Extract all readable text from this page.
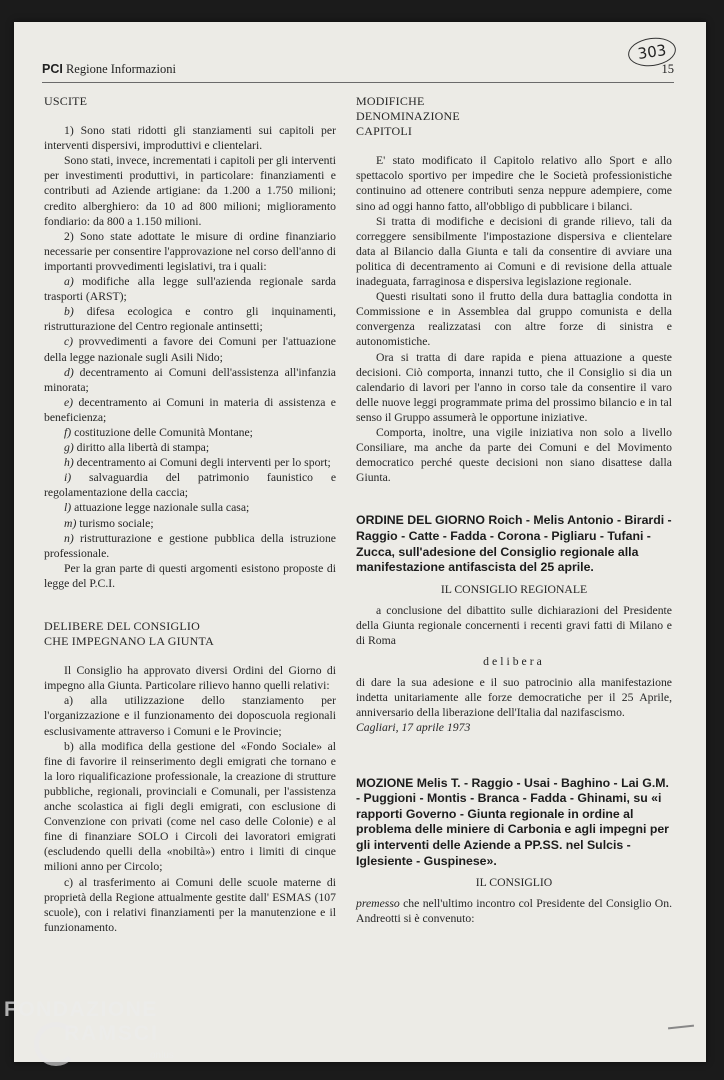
303
PCI Regione Informazioni	15

USCITE

1) Sono stati ridotti gli stanziamenti sui capitoli per interventi dispersivi, improduttivi e clientelari.

Sono stati, invece, incrementati i capitoli per gli interventi per investimenti produttivi, in particolare: finanziamenti e contributi ad Aziende artigiane: da 1.200 a 1.750 milioni; credito alberghiero: da 10 ad 800 milioni; miglioramento fondiario: da 800 a 1.150 milioni.

2) Sono state adottate le misure di ordine finanziario necessarie per consentire l'approvazione nel corso dell'anno di importanti provvedimenti legislativi, tra i quali:

a) modifiche alla legge sull'azienda regionale sarda trasporti (ARST);

b) difesa ecologica e contro gli inquinamenti, ristrutturazione del Centro regionale antinsetti;

c) provvedimenti a favore dei Comuni per l'attuazione della legge nazionale sugli Asili Nido;

d) decentramento ai Comuni dell'assistenza all'infanzia minorata;

e) decentramento ai Comuni in materia di assistenza e beneficienza;

f) costituzione delle Comunità Montane;

g) diritto alla libertà di stampa;

h) decentramento ai Comuni degli interventi per lo sport;

i) salvaguardia del patrimonio faunistico e regolamentazione della caccia;

l) attuazione legge nazionale sulla casa;

m) turismo sociale;

n) ristrutturazione e gestione pubblica della istruzione professionale.

Per la gran parte di questi argomenti esistono proposte di legge del P.C.I.

DELIBERE DEL CONSIGLIO
CHE IMPEGNANO LA GIUNTA

Il Consiglio ha approvato diversi Ordini del Giorno di impegno alla Giunta. Particolare rilievo hanno quelli relativi:

a) alla utilizzazione dello stanziamento per l'organizzazione e il funzionamento dei doposcuola regionali esclusivamente attraverso i Comuni e le Provincie;

b) alla modifica della gestione del «Fondo Sociale» al fine di favorire il reinserimento degli emigrati che tornano e la loro riqualificazione professionale, la creazione di strutture pubbliche, regionali, provinciali e Comunali, per l'assistenza anche scolastica ai figli degli emigrati, con esclusione di Convenzione con privati (come nel caso delle Colonie) e al fine di finanziare SOLO i Circoli dei lavoratori emigrati (escludendo quelli della «nobiltà») entro i limiti di cinque milioni anno per Circolo;

c) al trasferimento ai Comuni delle scuole materne di proprietà della Regione attualmente gestite dall' ESMAS (107 scuole), con i relativi finanziamenti per la manutenzione e il funzionamento.

MODIFICHE
DENOMINAZIONE
CAPITOLI

E' stato modificato il Capitolo relativo allo Sport e allo spettacolo sportivo per impedire che le Società professionistiche continuino ad ottenere contributi senza neppure adempiere, come sino ad oggi hanno fatto, all'obbligo di pubblicare i bilanci.

Si tratta di modifiche e decisioni di grande rilievo, tali da correggere sensibilmente l'impostazione dispersiva e clientelare data al Bilancio dalla Giunta e tali da consentire di avviare una politica di decentramento ai Comuni e di revisione della attuale inadeguata, farraginosa e dispersiva legislazione regionale.

Questi risultati sono il frutto della dura battaglia condotta in Commissione e in Assemblea dal gruppo comunista e della convergenza realizzatasi con altre forze di sinistra e autonomistiche.

Ora si tratta di dare rapida e piena attuazione a queste decisioni. Ciò comporta, innanzi tutto, che il Consiglio si dia un calendario di lavori per l'anno in corso tale da consentire il varo delle nuove leggi programmate prima del prossimo bilancio e in tal senso il Gruppo assumerà le opportune iniziative.

Comporta, inoltre, una vigile iniziativa non solo a livello Consiliare, ma anche da parte dei Comuni e del Movimento democratico perché queste decisioni non siano disattese dalla Giunta.

ORDINE DEL GIORNO Roich - Melis Antonio - Birardi - Raggio - Catte - Fadda - Corona - Pigliaru - Tufani - Zucca, sull'adesione del Consiglio regionale alla manifestazione antifascista del 25 aprile.

IL CONSIGLIO REGIONALE

a conclusione del dibattito sulle dichiarazioni del Presidente della Giunta regionale concernenti i recenti gravi fatti di Milano e di Roma

delibera

di dare la sua adesione e il suo patrocinio alla manifestazione indetta unitariamente alle forze democratiche per il 25 Aprile, anniversario della liberazione dell'Italia dal nazifascismo.

Cagliari, 17 aprile 1973

MOZIONE Melis T. - Raggio - Usai - Baghino - Lai G.M. - Puggioni - Montis - Branca - Fadda - Ghinami, su «i rapporti Governo - Giunta regionale in ordine al problema delle miniere di Carbonia e agli impegni per gli interventi delle Aziende a PP.SS. nel Sulcis - Iglesiente - Guspinese».

IL CONSIGLIO

premesso che nell'ultimo incontro col Presidente del Consiglio On. Andreotti si è convenuto:

FONDAZIONE
RAMSCI
onlus
